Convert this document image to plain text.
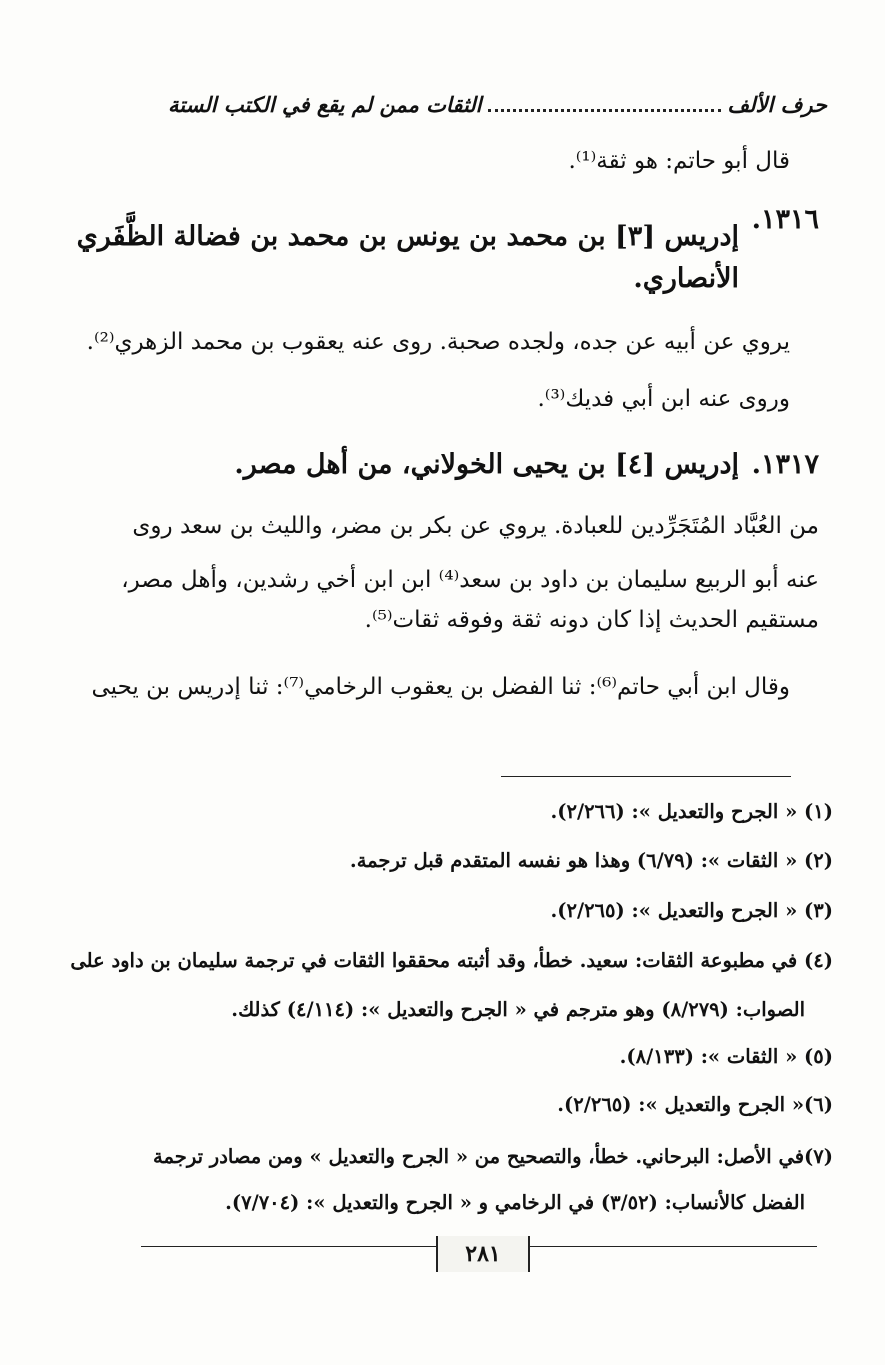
حرف الألف
الثقات ممن لم يقع في الكتب الستة
قال أبو حاتم: هو ثقة⁽¹⁾.
١٣١٦.
إدريس [٣] بن محمد بن يونس بن محمد بن فضالة الظَّفَري
الأنصاري.
يروي عن أبيه عن جده، ولجده صحبة. روى عنه يعقوب بن محمد الزهري⁽²⁾.
وروى عنه ابن أبي فديك⁽³⁾.
١٣١٧.
إدريس [٤] بن يحيى الخولاني، من أهل مصر.
من العُبَّاد المُتَجَرِّدين للعبادة. يروي عن بكر بن مضر، والليث بن سعد روى
عنه أبو الربيع سليمان بن داود بن سعد⁽⁴⁾ ابن ابن أخي رشدين، وأهل مصر،
مستقيم الحديث إذا كان دونه ثقة وفوقه ثقات⁽⁵⁾.
وقال ابن أبي حاتم⁽⁶⁾: ثنا الفضل بن يعقوب الرخامي⁽⁷⁾: ثنا إدريس بن يحيى
(١) « الجرح والتعديل »: (٢/٢٦٦).
(٢) « الثقات »: (٦/٧٩) وهذا هو نفسه المتقدم قبل ترجمة.
(٣) « الجرح والتعديل »: (٢/٢٦٥).
(٤) في مطبوعة الثقات: سعيد. خطأ، وقد أثبته محققوا الثقات في ترجمة سليمان بن داود على
الصواب: (٨/٢٧٩) وهو مترجم في « الجرح والتعديل »: (٤/١١٤) كذلك.
(٥) « الثقات »: (٨/١٣٣).
(٦)« الجرح والتعديل »: (٢/٢٦٥).
(٧)في الأصل: البرحاني. خطأ، والتصحيح من « الجرح والتعديل » ومن مصادر ترجمة
الفضل كالأنساب: (٣/٥٢) في الرخامي و « الجرح والتعديل »: (٧/٧٠٤).
٢٨١
